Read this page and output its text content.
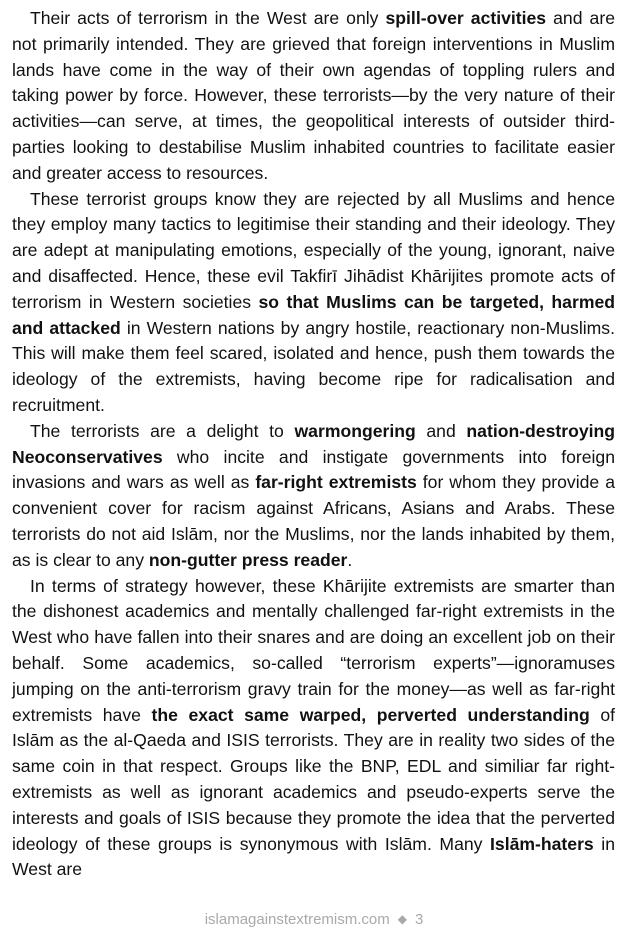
Their acts of terrorism in the West are only spill-over activities and are not primarily intended. They are grieved that foreign interventions in Muslim lands have come in the way of their own agendas of toppling rulers and taking power by force. However, these terrorists—by the very nature of their activities—can serve, at times, the geopolitical interests of outsider third-parties looking to destabilise Muslim inhabited countries to facilitate easier and greater access to resources.

These terrorist groups know they are rejected by all Muslims and hence they employ many tactics to legitimise their standing and their ideology. They are adept at manipulating emotions, especially of the young, ignorant, naive and disaffected. Hence, these evil Takfirī Jihādist Khārijites promote acts of terrorism in Western societies so that Muslims can be targeted, harmed and attacked in Western nations by angry hostile, reactionary non-Muslims. This will make them feel scared, isolated and hence, push them towards the ideology of the extremists, having become ripe for radicalisation and recruitment.

The terrorists are a delight to warmongering and nation-destroying Neoconservatives who incite and instigate governments into foreign invasions and wars as well as far-right extremists for whom they provide a convenient cover for racism against Africans, Asians and Arabs. These terrorists do not aid Islām, nor the Muslims, nor the lands inhabited by them, as is clear to any non-gutter press reader.

In terms of strategy however, these Khārijite extremists are smarter than the dishonest academics and mentally challenged far-right extremists in the West who have fallen into their snares and are doing an excellent job on their behalf. Some academics, so-called “terrorism experts”—ignoramuses jumping on the anti-terrorism gravy train for the money—as well as far-right extremists have the exact same warped, perverted understanding of Islām as the al-Qaeda and ISIS terrorists. They are in reality two sides of the same coin in that respect. Groups like the BNP, EDL and similiar far right-extremists as well as ignorant academics and pseudo-experts serve the interests and goals of ISIS because they promote the idea that the perverted ideology of these groups is synonymous with Islām. Many Islām-haters in West are

islamagainstextremism.com ◆ 3
